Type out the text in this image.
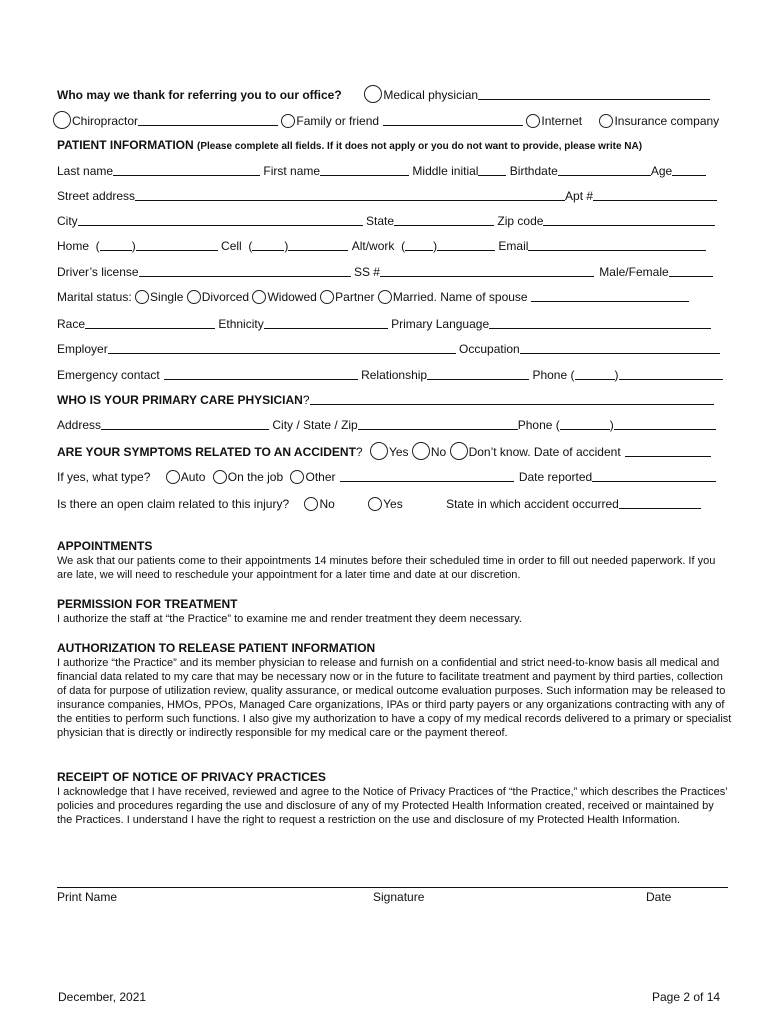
Who may we thank for referring you to our office?	Medical physician
Chiropractor	Family or friend	Internet	Insurance company
PATIENT INFORMATION (Please complete all fields. If it does not apply or you do not want to provide, please write NA)
Last name	First name	Middle initial	Birthdate	Age
Street address	Apt #
City	State	Zip code
Home  (	)	Cell  (	)	Alt/work  ( )	Email
Driver’s license	SS #	Male/Female
Marital status: Single Divorced Widowed Partner Married. Name of spouse
Race	Ethnicity	Primary Language
Employer	Occupation
Emergency contact	Relationship	Phone (	)
WHO IS YOUR PRIMARY CARE PHYSICIAN?
Address	City / State / Zip	Phone (	)
ARE YOUR SYMPTOMS RELATED TO AN ACCIDENT? Yes No Don’t know. Date of accident
If yes, what type?	Auto On the job Other	Date reported
Is there an open claim related to this injury?	No	Yes	State in which accident occurred
APPOINTMENTS
We ask that our patients come to their appointments 14 minutes before their scheduled time in order to fill out needed paperwork. If you are late, we will need to reschedule your appointment for a later time and date at our discretion.
PERMISSION FOR TREATMENT
I authorize the staff at “the Practice” to examine me and render treatment they deem necessary.
AUTHORIZATION TO RELEASE PATIENT INFORMATION
I authorize “the Practice” and its member physician to release and furnish on a confidential and strict need-to-know basis all medical and financial data related to my care that may be necessary now or in the future to facilitate treatment and payment by third parties, collection of data for purpose of utilization review, quality assurance, or medical outcome evaluation purposes. Such information may be released to insurance companies, HMOs, PPOs, Managed Care organizations, IPAs or third party payers or any organizations contracting with any of the entities to perform such functions. I also give my authorization to have a copy of my medical records delivered to a primary or specialist physician that is directly or indirectly responsible for my medical care or the payment thereof.
RECEIPT OF NOTICE OF PRIVACY PRACTICES
I acknowledge that I have received, reviewed and agree to the Notice of Privacy Practices of “the Practice,” which describes the Practices’ policies and procedures regarding the use and disclosure of any of my Protected Health Information created, received or maintained by the Practices. I understand I have the right to request a restriction on the use and disclosure of my Protected Health Information.
Print Name	Signature	Date
December, 2021	Page 2 of 14
